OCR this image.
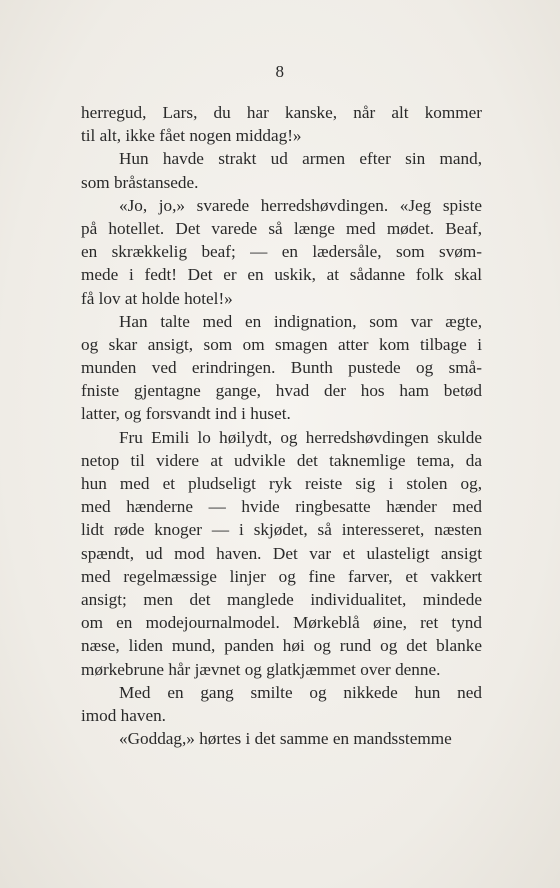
8
herregud, Lars, du har kanske, når alt kommer
til alt, ikke fået nogen middag!»
Hun havde strakt ud armen efter sin mand,
som bråstansede.
«Jo, jo,» svarede herredshøvdingen. «Jeg spiste
på hotellet. Det varede så længe med mødet. Beaf,
en skrækkelig beaf; — en lædersåle, som svøm-
mede i fedt! Det er en uskik, at sådanne folk skal
få lov at holde hotel!»
Han talte med en indignation, som var ægte,
og skar ansigt, som om smagen atter kom tilbage i
munden ved erindringen. Bunth pustede og små-
fniste gjentagne gange, hvad der hos ham betød
latter, og forsvandt ind i huset.
Fru Emili lo høilydt, og herredshøvdingen skulde
netop til videre at udvikle det taknemlige tema, da
hun med et pludseligt ryk reiste sig i stolen og,
med hænderne — hvide ringbesatte hænder med
lidt røde knoger — i skjødet, så interesseret, næsten
spændt, ud mod haven. Det var et ulasteligt ansigt
med regelmæssige linjer og fine farver, et vakkert
ansigt; men det manglede individualitet, mindede
om en modejournalmodel. Mørkeblå øine, ret tynd
næse, liden mund, panden høi og rund og det blanke
mørkebrune hår jævnet og glatkjæmmet over denne.
Med en gang smilte og nikkede hun ned
imod haven.
«Goddag,» hørtes i det samme en mandsstemme
